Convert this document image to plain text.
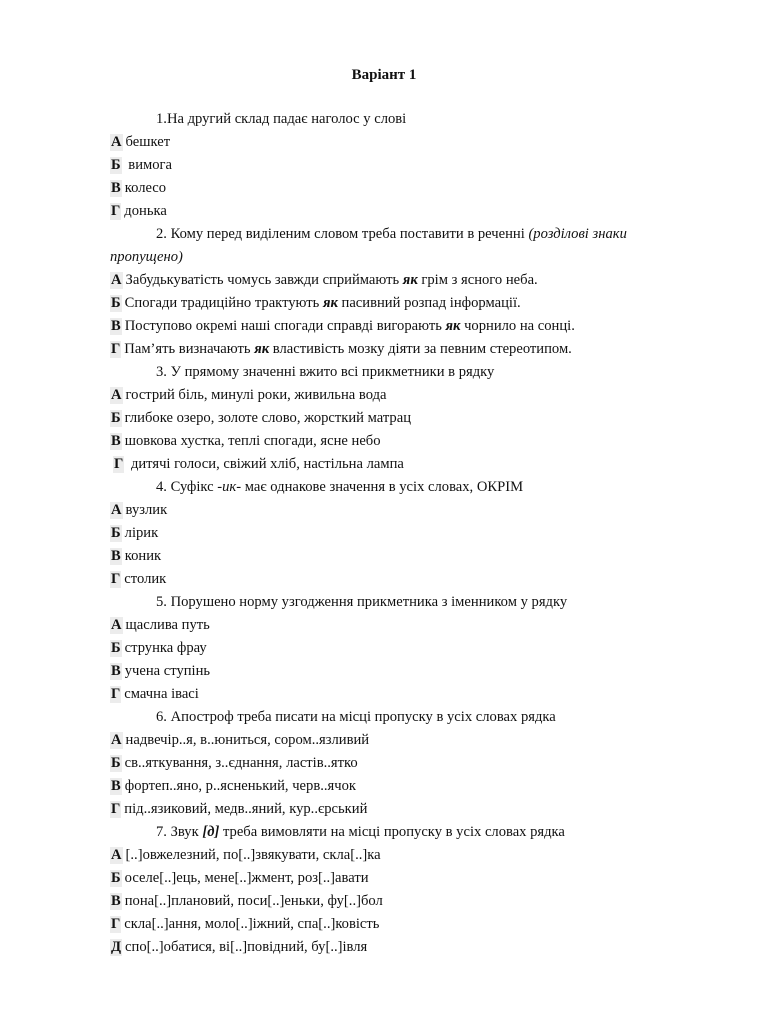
Варіант 1
1.На другий склад падає наголос у слові
А бешкет
Б вимога
В колесо
Г донька
2. Кому перед виділеним словом треба поставити в реченні (розділові знаки пропущено)
А Забудькуватість чомусь завжди сприймають як грім з ясного неба.
Б Спогади традиційно трактують як пасивний розпад інформації.
В Поступово окремі наші спогади справді вигорають як чорнило на сонці.
Г Пам’ять визначають як властивість мозку діяти за певним стереотипом.
3. У прямому значенні вжито всі прикметники в рядку
А гострий біль, минулі роки, живильна вода
Б глибоке озеро, золоте слово, жорсткий матрац
В шовкова хустка, теплі спогади, ясне небо
Г дитячі голоси, свіжий хліб, настільна лампа
4. Суфікс -ик- має однакове значення в усіх словах, ОКРІМ
А вузлик
Б лірик
В коник
Г столик
5. Порушено норму узгодження прикметника з іменником у рядку
А щаслива путь
Б струнка фрау
В учена ступінь
Г смачна івасі
6. Апостроф треба писати на місці пропуску в усіх словах рядка
А надвечір..я, в..юниться, сором..язливий
Б св..яткування, з..єднання, ластів..ятко
В фортеп..яно, р..ясненький, черв..ячок
Г під..язиковий, медв..яний, кур..єрський
7. Звук [д] треба вимовляти на місці пропуску в усіх словах рядка
А [..]овжелезний, по[..]звякувати, скла[..]ка
Б оселе[..]ець, мене[..]жмент, роз[..]авати
В пона[..]плановий, поси[..]еньки, фу[..]бол
Г скла[..]ання, моло[..]іжний, спа[..]ковість
Д спо[..]обатися, ві[..]повідний, бу[..]івля
